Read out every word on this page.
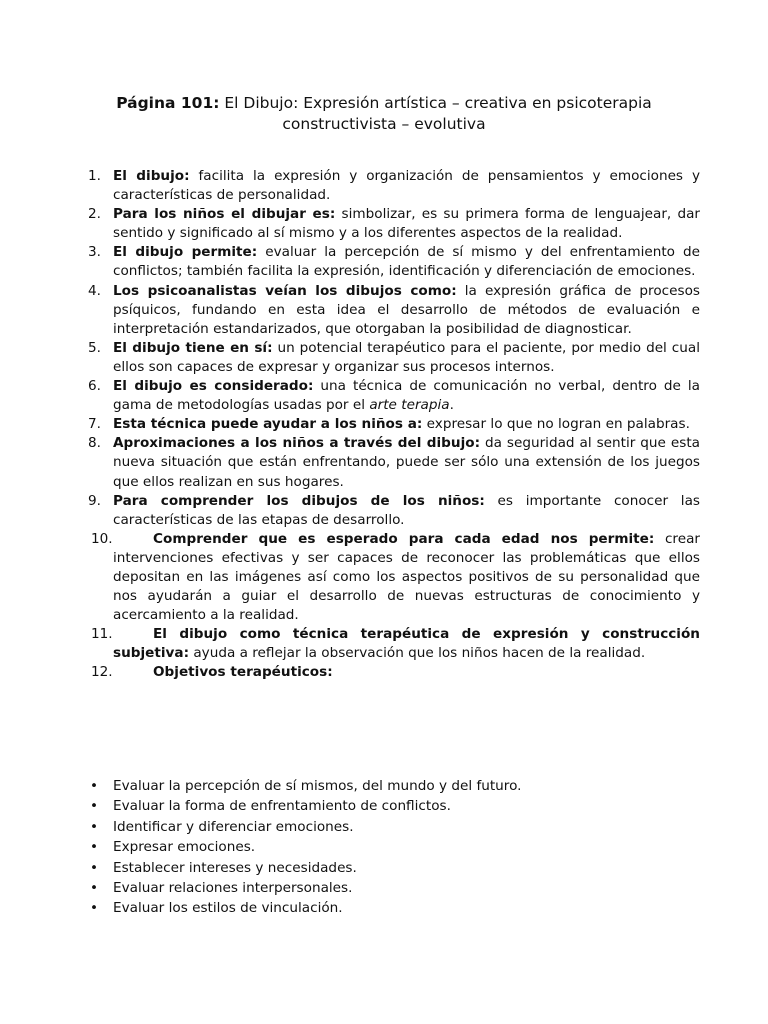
Página 101: El Dibujo: Expresión artística – creativa en psicoterapia constructivista – evolutiva
1. El dibujo: facilita la expresión y organización de pensamientos y emociones y características de personalidad.
2. Para los niños el dibujar es: simbolizar, es su primera forma de lenguajear, dar sentido y significado al sí mismo y a los diferentes aspectos de la realidad.
3. El dibujo permite: evaluar la percepción de sí mismo y del enfrentamiento de conflictos; también facilita la expresión, identificación y diferenciación de emociones.
4. Los psicoanalistas veían los dibujos como: la expresión gráfica de procesos psíquicos, fundando en esta idea el desarrollo de métodos de evaluación e interpretación estandarizados, que otorgaban la posibilidad de diagnosticar.
5. El dibujo tiene en sí: un potencial terapéutico para el paciente, por medio del cual ellos son capaces de expresar y organizar sus procesos internos.
6. El dibujo es considerado: una técnica de comunicación no verbal, dentro de la gama de metodologías usadas por el arte terapia.
7. Esta técnica puede ayudar a los niños a: expresar lo que no logran en palabras.
8. Aproximaciones a los niños a través del dibujo: da seguridad al sentir que esta nueva situación que están enfrentando, puede ser sólo una extensión de los juegos que ellos realizan en sus hogares.
9. Para comprender los dibujos de los niños: es importante conocer las características de las etapas de desarrollo.
10.	Comprender que es esperado para cada edad nos permite: crear intervenciones efectivas y ser capaces de reconocer las problemáticas que ellos depositan en las imágenes así como los aspectos positivos de su personalidad que nos ayudarán a guiar el desarrollo de nuevas estructuras de conocimiento y acercamiento a la realidad.
11.	El dibujo como técnica terapéutica de expresión y construcción subjetiva: ayuda a reflejar la observación que los niños hacen de la realidad.
12.	Objetivos terapéuticos:
• Evaluar la percepción de sí mismos, del mundo y del futuro.
• Evaluar la forma de enfrentamiento de conflictos.
• Identificar y diferenciar emociones.
• Expresar emociones.
• Establecer intereses y necesidades.
• Evaluar relaciones interpersonales.
• Evaluar los estilos de vinculación.
